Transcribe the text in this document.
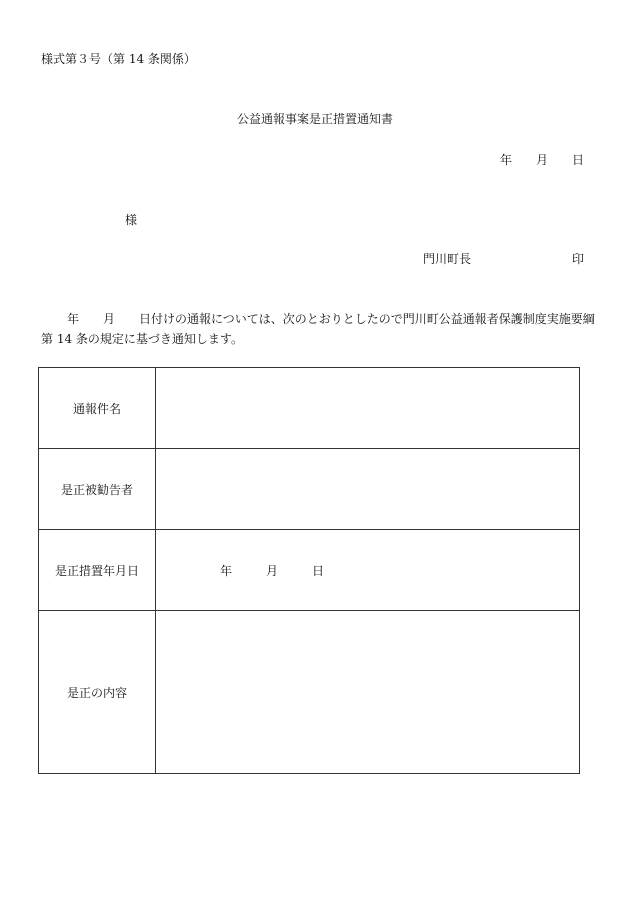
様式第３号（第 14 条関係）
公益通報事案是正措置通知書
年 月 日
様
門川町長	印
年　　月　　日付けの通報については、次のとおりとしたので門川町公益通報者保護制度実施要綱
第 14 条の規定に基づき通知します。
通報件名	
是正被勧告者	
是正措置年月日	年 月 日
是正の内容	
